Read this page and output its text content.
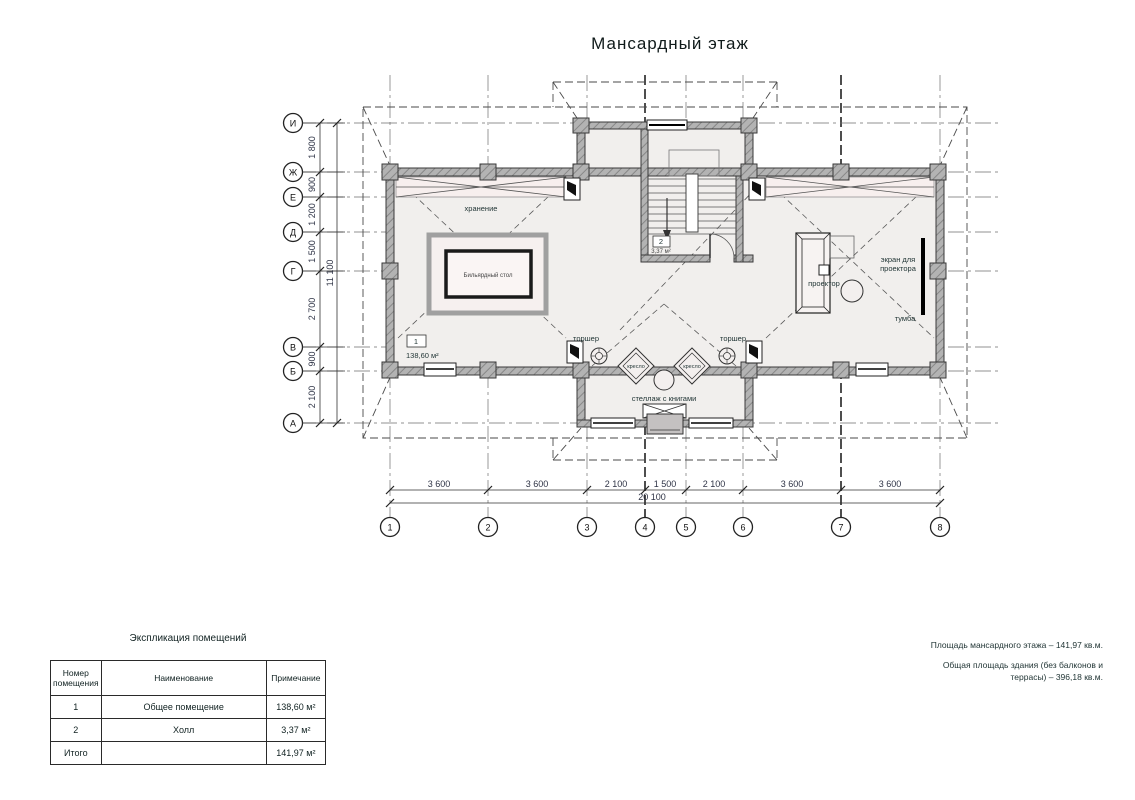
Мансардный этаж
Бильярдный стол
хранение
1
138,60 м²
2
3,37 м²
торшер	торшер
кресло	кресло
стеллаж с книгами
проектор
экран для
проектора
тумба
И
Ж
Е
Д
Г
В
Б
А
1	2	3	4	5	6	7	8
1 800
900
1 200
1 500
2 700
900
2 100
11 100
3 600	3 600	2 100	1 500	2 100	3 600	3 600
20 100
Экспликация помещений
Номер помещения	Наименование	Примечание
1	Общее помещение	138,60 м²
2	Холл	3,37 м²
Итого		141,97 м²
Площадь мансардного этажа – 141,97 кв.м.
Общая площадь здания (без балконов и
террасы) – 396,18 кв.м.
